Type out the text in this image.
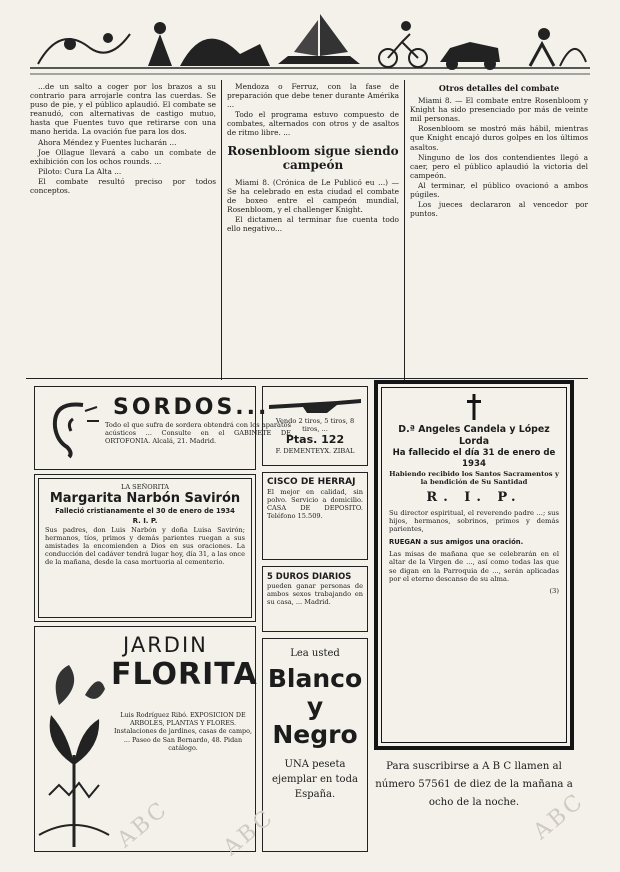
...de un salto a coger por los brazos a su contrario para arrojarle contra las cuerdas. Se puso de pie, y el público aplaudió. El combate se reanudó, con alternativas de castigo mutuo, hasta que Fuentes tuvo que retirarse con una mano herida. La ovación fue para los dos.

Ahora Méndez y Fuentes lucharán ...

Joe Ollague llevará a cabo un combate de exhibición con los ochos rounds. ...

Piloto: Cura La Alta ...

El combate resultó preciso por todos conceptos.

Mendoza o Ferruz, con la fase de preparación que debe tener durante Amérika ...

Todo el programa estuvo compuesto de combates, alternados con otros y de asaltos de ritmo libre. ...

Rosenbloom sigue siendo campeón

Miami 8. (Crónica de Le Publicó eu ...) — Se ha celebrado en esta ciudad el combate de boxeo entre el campeón mundial, Rosenbloom, y el challenger Knight.

El dictamen al terminar fue cuenta todo ello negativo...

Otros detalles del combate

Miami 8. — El combate entre Rosenbloom y Knight ha sido presenciado por más de veinte mil personas.

Rosenbloom se mostró más hábil, mientras que Knight encajó duros golpes en los últimos asaltos.

Ninguno de los dos contendientes llegó a caer, pero el público aplaudió la victoria del campeón.

Al terminar, el público ovacionó a ambos púgiles.

Los jueces declararon al vencedor por puntos.

SORDOS...
Todo el que sufra de sordera obtendrá con los aparatos acústicos ... Consulte en el GABINETE DE ORTOFONIA. Alcalá, 21. Madrid.
LA SEÑORITA
Margarita Narbón Savirón
Falleció cristianamente el 30 de enero de 1934
R. I. P.
Sus padres, don Luis Narbón y doña Luisa Savirón; hermanos, tíos, primos y demás parientes ruegan a sus amistades la encomienden a Dios en sus oraciones. La conducción del cadáver tendrá lugar hoy, día 31, a las once de la mañana, desde la casa mortuoria al cementerio.
JARDIN
FLORITA
Luis Rodríguez Ribó. EXPOSICION DE ARBOLES, PLANTAS Y FLORES. Instalaciones de jardines, casas de campo, ... Paseo de San Bernardo, 48. Pidan catálogo.
Vendo 2 tiros, 5 tiros, 8 tiros, ...
Ptas. 122
F. DEMENTEYX. ZIBAL
CISCO DE HERRAJ
El mejor en calidad, sin polvo. Servicio a domicilio. CASA DE DEPOSITO. Teléfono 15.509.
5 DUROS DIARIOS
pueden ganar personas de ambos sexos trabajando en su casa, ... Madrid.
Lea usted
Blanco
y Negro
UNA peseta ejemplar en toda España.
D.ª Angeles Candela y López Lorda
Ha fallecido el día 31 de enero de 1934
Habiendo recibido los Santos Sacramentos y la bendición de Su Santidad
R. I. P.
Su director espiritual, el reverendo padre ...; sus hijos, hermanos, sobrinos, primos y demás parientes,
RUEGAN a sus amigos una oración.
Las misas de mañana que se celebrarán en el altar de la Virgen de ..., así como todas las que se digan en la Parroquia de ..., serán aplicadas por el eterno descanso de su alma.
(3)
Para suscribirse a A B C llamen al número 57561 de diez de la mañana a ocho de la noche.
ABC	ABC
ABC
